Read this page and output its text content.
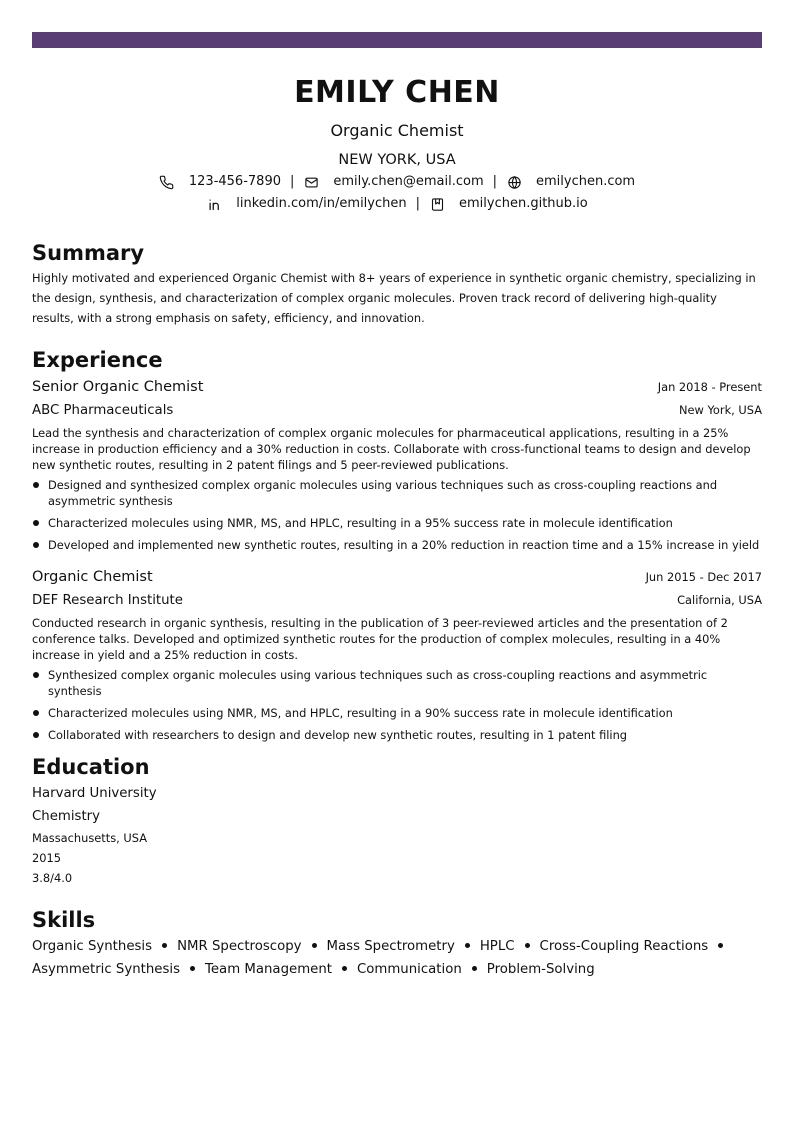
EMILY CHEN
Organic Chemist
NEW YORK, USA
123-456-7890 |	emily.chen@email.com |	emilychen.com
linkedin.com/in/emilychen |	emilychen.github.io
Summary
Highly motivated and experienced Organic Chemist with 8+ years of experience in synthetic organic chemistry, specializing in the design, synthesis, and characterization of complex organic molecules. Proven track record of delivering high-quality results, with a strong emphasis on safety, efficiency, and innovation.
Experience
Senior Organic Chemist	Jan 2018 - Present
ABC Pharmaceuticals	New York, USA
Lead the synthesis and characterization of complex organic molecules for pharmaceutical applications, resulting in a 25% increase in production efficiency and a 30% reduction in costs. Collaborate with cross-functional teams to design and develop new synthetic routes, resulting in 2 patent filings and 5 peer-reviewed publications.
Designed and synthesized complex organic molecules using various techniques such as cross-coupling reactions and asymmetric synthesis
Characterized molecules using NMR, MS, and HPLC, resulting in a 95% success rate in molecule identification
Developed and implemented new synthetic routes, resulting in a 20% reduction in reaction time and a 15% increase in yield
Organic Chemist	Jun 2015 - Dec 2017
DEF Research Institute	California, USA
Conducted research in organic synthesis, resulting in the publication of 3 peer-reviewed articles and the presentation of 2 conference talks. Developed and optimized synthetic routes for the production of complex molecules, resulting in a 40% increase in yield and a 25% reduction in costs.
Synthesized complex organic molecules using various techniques such as cross-coupling reactions and asymmetric synthesis
Characterized molecules using NMR, MS, and HPLC, resulting in a 90% success rate in molecule identification
Collaborated with researchers to design and develop new synthetic routes, resulting in 1 patent filing
Education
Harvard University
Chemistry
Massachusetts, USA
2015
3.8/4.0
Skills
Organic Synthesis NMR Spectroscopy Mass Spectrometry HPLC Cross-Coupling Reactions
Asymmetric Synthesis Team Management Communication Problem-Solving
